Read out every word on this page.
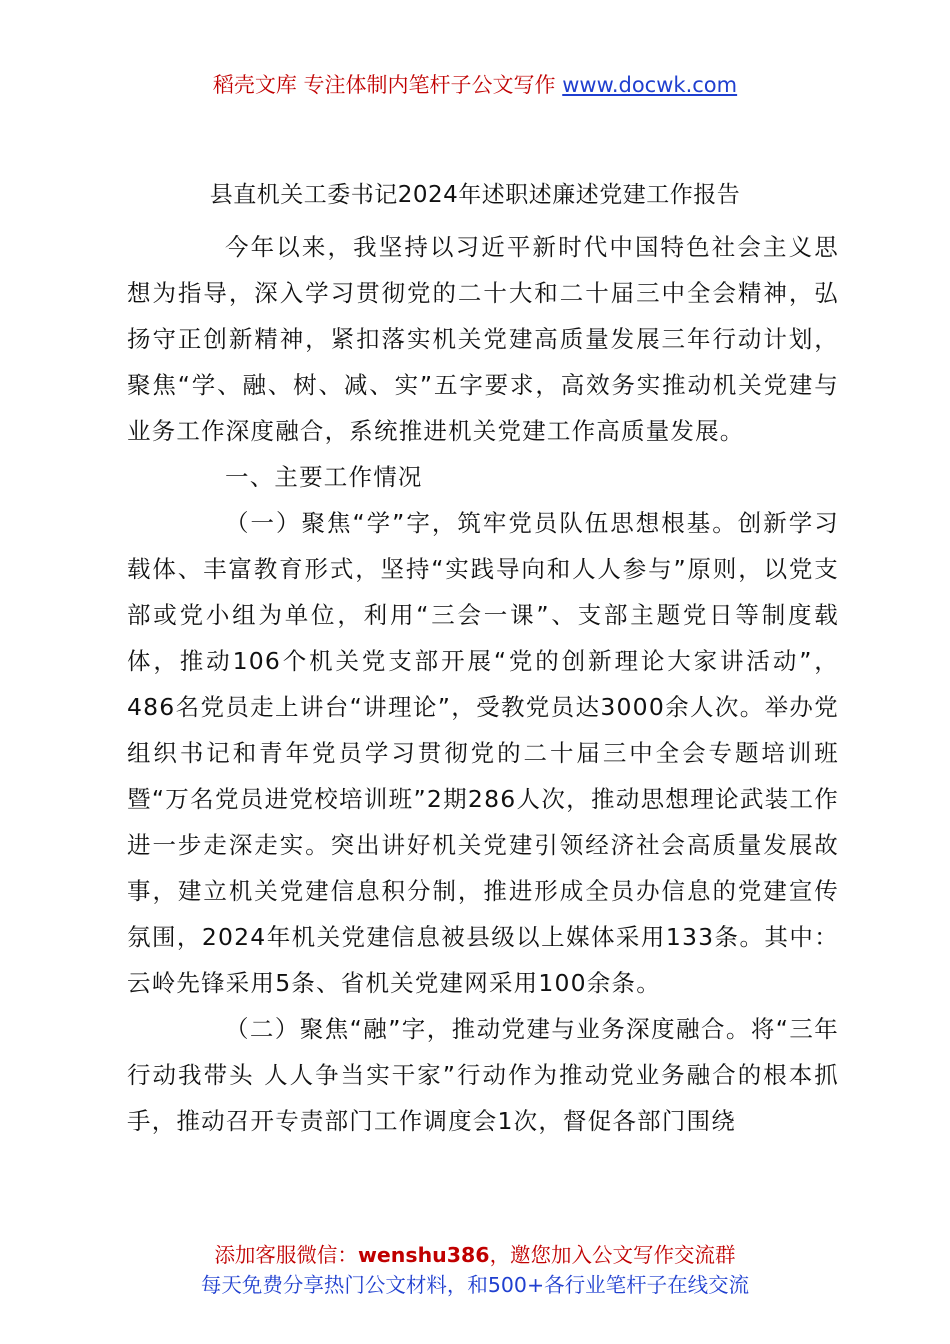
稻壳文库 专注体制内笔杆子公文写作 www.docwk.com
县直机关工委书记2024年述职述廉述党建工作报告

今年以来，我坚持以习近平新时代中国特色社会主义思想为指导，深入学习贯彻党的二十大和二十届三中全会精神，弘扬守正创新精神，紧扣落实机关党建高质量发展三年行动计划，聚焦“学、融、树、减、实”五字要求，高效务实推动机关党建与业务工作深度融合，系统推进机关党建工作高质量发展。

一、主要工作情况

（一）聚焦“学”字，筑牢党员队伍思想根基。创新学习载体、丰富教育形式，坚持“实践导向和人人参与”原则，以党支部或党小组为单位，利用“三会一课”、支部主题党日等制度载体，推动106个机关党支部开展“党的创新理论大家讲活动”，486名党员走上讲台“讲理论”，受教党员达3000余人次。举办党组织书记和青年党员学习贯彻党的二十届三中全会专题培训班暨“万名党员进党校培训班”2期286人次，推动思想理论武装工作进一步走深走实。突出讲好机关党建引领经济社会高质量发展故事，建立机关党建信息积分制，推进形成全员办信息的党建宣传氛围，2024年机关党建信息被县级以上媒体采用133条。其中：云岭先锋采用5条、省机关党建网采用100余条。

（二）聚焦“融”字，推动党建与业务深度融合。将“三年行动我带头 人人争当实干家”行动作为推动党业务融合的根本抓手，推动召开专责部门工作调度会1次，督促各部门围绕

添加客服微信：wenshu386，邀您加入公文写作交流群
每天免费分享热门公文材料，和500+各行业笔杆子在线交流
